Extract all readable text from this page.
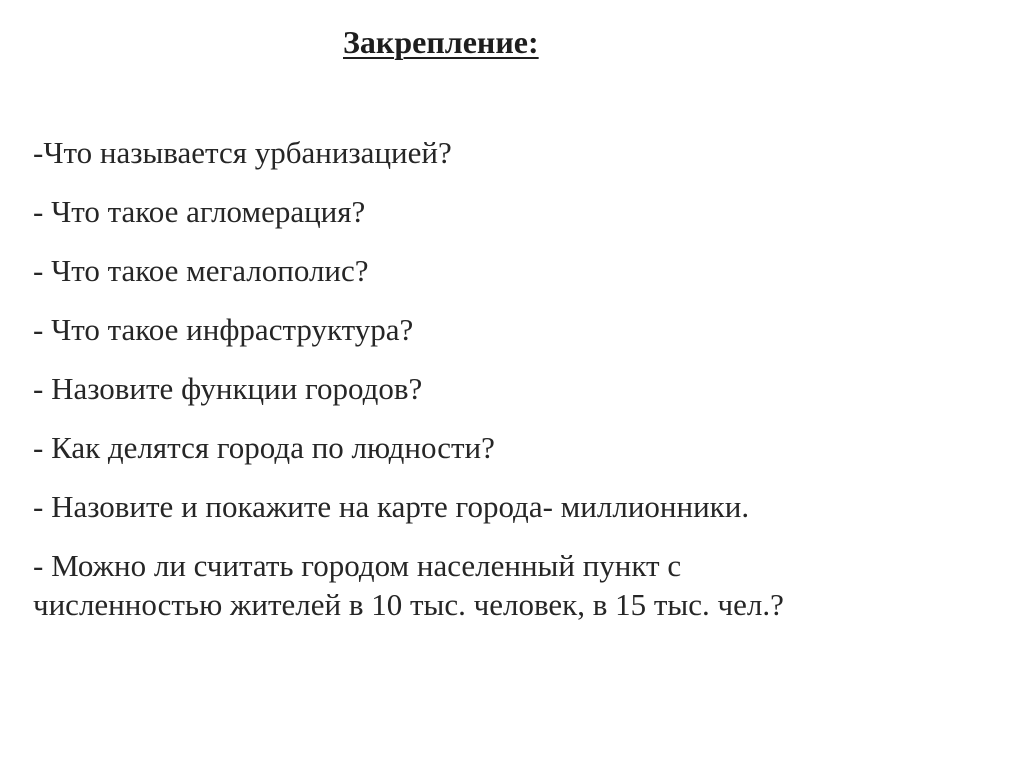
Закрепление:
-Что называется урбанизацией?
- Что такое агломерация?
- Что такое мегалополис?
- Что такое инфраструктура?
- Назовите функции городов?
- Как делятся города по людности?
- Назовите и покажите на карте города- миллионники.
- Можно ли считать городом населенный пункт с
численностью жителей в 10 тыс. человек, в 15 тыс. чел.?
